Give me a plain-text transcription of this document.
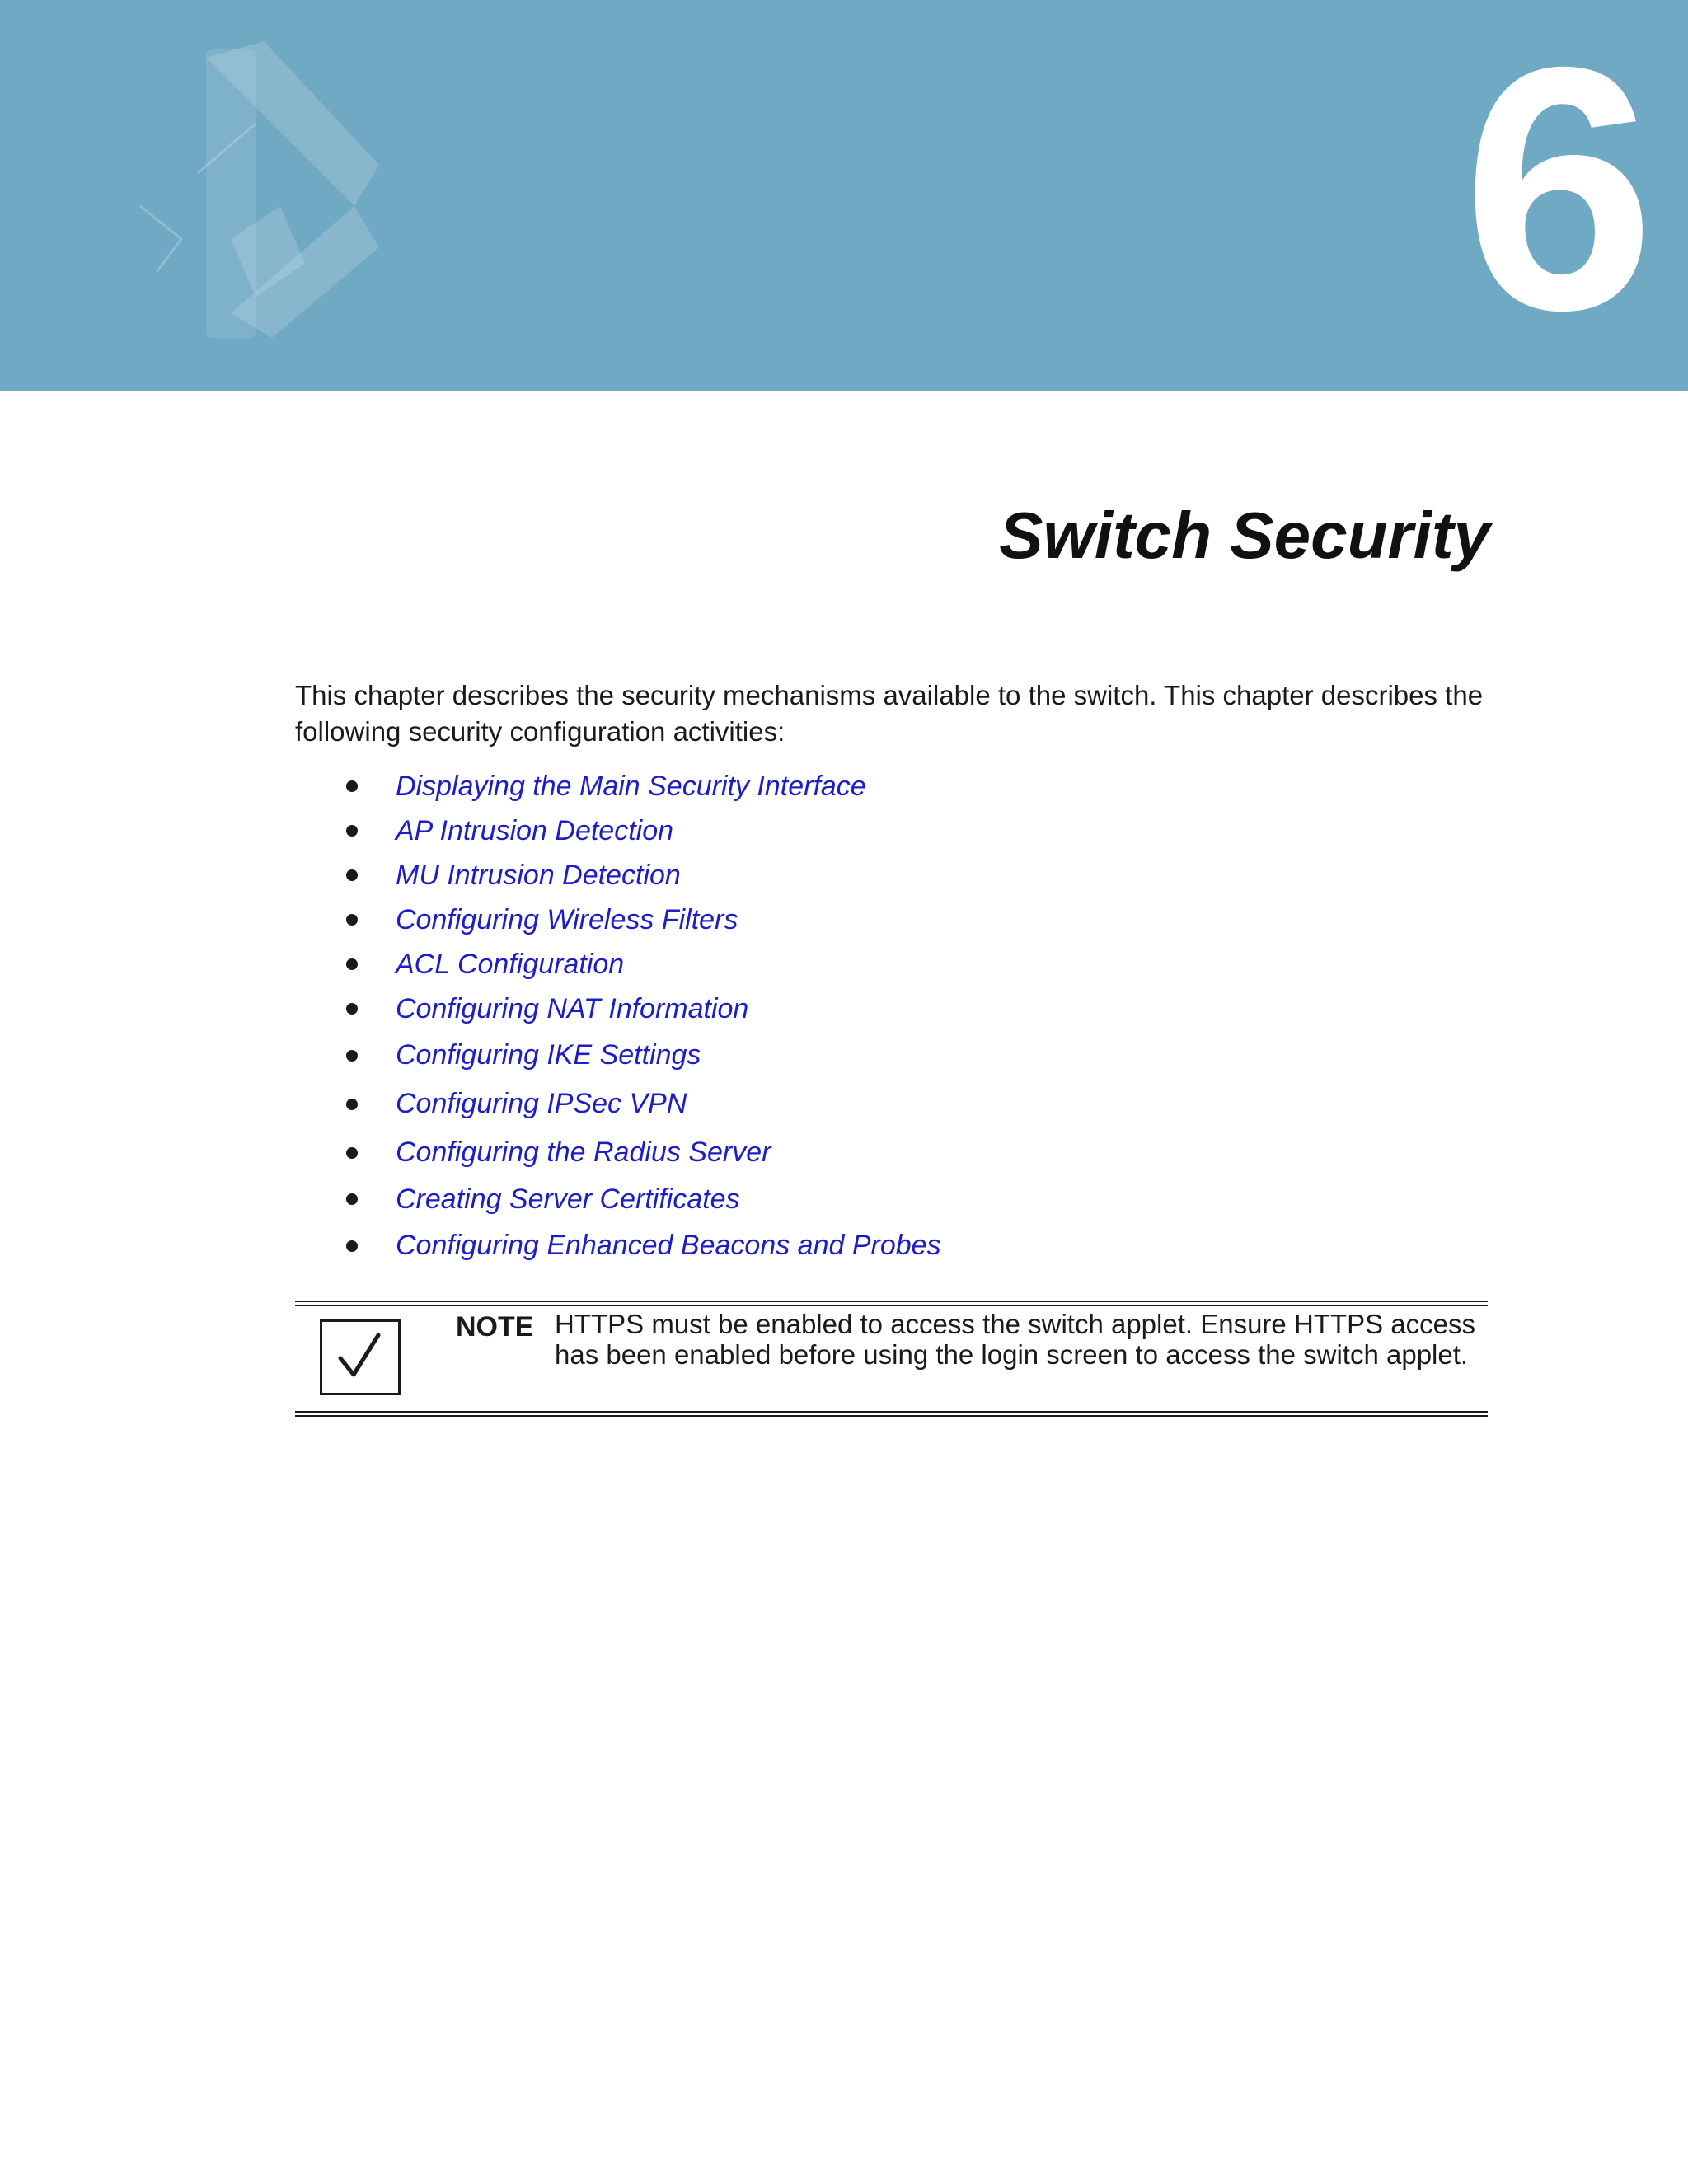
6
Switch Security

This chapter describes the security mechanisms available to the switch. This chapter describes the following security configuration activities:

Displaying the Main Security Interface
AP Intrusion Detection
MU Intrusion Detection
Configuring Wireless Filters
ACL Configuration
Configuring NAT Information
Configuring IKE Settings
Configuring IPSec VPN
Configuring the Radius Server
Creating Server Certificates
Configuring Enhanced Beacons and Probes
NOTE HTTPS must be enabled to access the switch applet. Ensure HTTPS access has been enabled before using the login screen to access the switch applet.
